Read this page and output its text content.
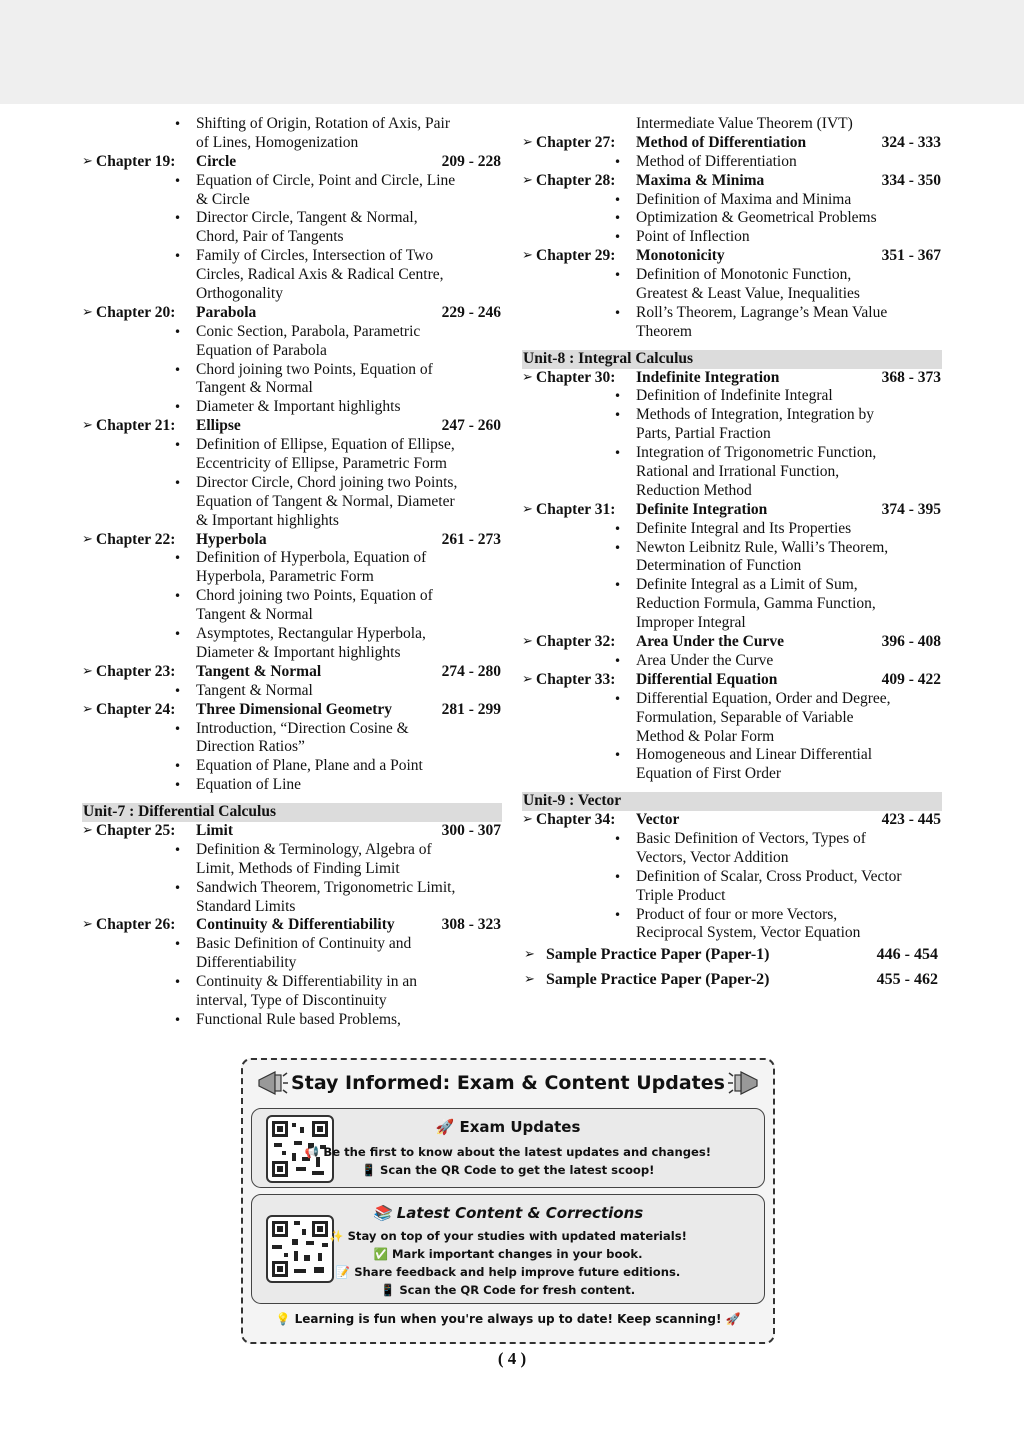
• Shifting of Origin, Rotation of Axis, Pair
of Lines, Homogenization
➢ Chapter 19: Circle	209 - 228
• Equation of Circle, Point and Circle, Line
& Circle
• Director Circle, Tangent & Normal,
Chord, Pair of Tangents
• Family of Circles, Intersection of Two
Circles, Radical Axis & Radical Centre,
Orthogonality
➢ Chapter 20: Parabola	229 - 246
• Conic Section, Parabola, Parametric
Equation of Parabola
• Chord joining two Points, Equation of
Tangent & Normal
• Diameter & Important highlights
➢ Chapter 21: Ellipse	247 - 260
• Definition of Ellipse, Equation of Ellipse,
Eccentricity of Ellipse, Parametric Form
• Director Circle, Chord joining two Points,
Equation of Tangent & Normal, Diameter
& Important highlights
➢ Chapter 22: Hyperbola	261 - 273
• Definition of Hyperbola, Equation of
Hyperbola, Parametric Form
• Chord joining two Points, Equation of
Tangent & Normal
• Asymptotes, Rectangular Hyperbola,
Diameter & Important highlights
➢ Chapter 23: Tangent & Normal	274 - 280
• Tangent & Normal
➢ Chapter 24: Three Dimensional Geometry	281 - 299
• Introduction, “Direction Cosine &
Direction Ratios”
• Equation of Plane, Plane and a Point
• Equation of Line
Unit-7 : Differential Calculus
➢ Chapter 25: Limit	300 - 307
• Definition & Terminology, Algebra of
Limit, Methods of Finding Limit
• Sandwich Theorem, Trigonometric Limit,
Standard Limits
➢ Chapter 26: Continuity & Differentiability	308 - 323
• Basic Definition of Continuity and
Differentiability
• Continuity & Differentiability in an
interval, Type of Discontinuity
• Functional Rule based Problems,
Intermediate Value Theorem (IVT)
➢ Chapter 27: Method of Differentiation	324 - 333
• Method of Differentiation
➢ Chapter 28: Maxima & Minima	334 - 350
• Definition of Maxima and Minima
• Optimization & Geometrical Problems
• Point of Inflection
➢ Chapter 29: Monotonicity	351 - 367
• Definition of Monotonic Function,
Greatest & Least Value, Inequalities
• Roll’s Theorem, Lagrange’s Mean Value
Theorem
Unit-8 : Integral Calculus
➢ Chapter 30: Indefinite Integration	368 - 373
• Definition of Indefinite Integral
• Methods of Integration, Integration by
Parts, Partial Fraction
• Integration of Trigonometric Function,
Rational and Irrational Function,
Reduction Method
➢ Chapter 31: Definite Integration	374 - 395
• Definite Integral and Its Properties
• Newton Leibnitz Rule, Walli’s Theorem,
Determination of Function
• Definite Integral as a Limit of Sum,
Reduction Formula, Gamma Function,
Improper Integral
➢ Chapter 32: Area Under the Curve	396 - 408
• Area Under the Curve
➢ Chapter 33: Differential Equation	409 - 422
• Differential Equation, Order and Degree,
Formulation, Separable of Variable
Method & Polar Form
• Homogeneous and Linear Differential
Equation of First Order
Unit-9 : Vector
➢ Chapter 34: Vector	423 - 445
• Basic Definition of Vectors, Types of
Vectors, Vector Addition
• Definition of Scalar, Cross Product, Vector
Triple Product
• Product of four or more Vectors,
Reciprocal System, Vector Equation
➢ Sample Practice Paper (Paper-1)	446 - 454
➢ Sample Practice Paper (Paper-2)	455 - 462
Stay Informed: Exam & Content Updates
🚀 Exam Updates
📢 Be the first to know about the latest updates and changes!
📱 Scan the QR Code to get the latest scoop!
📚 Latest Content & Corrections
✨ Stay on top of your studies with updated materials!
✅ Mark important changes in your book.
📝 Share feedback and help improve future editions.
📱 Scan the QR Code for fresh content.
💡 Learning is fun when you're always up to date! Keep scanning! 🚀
( 4 )
